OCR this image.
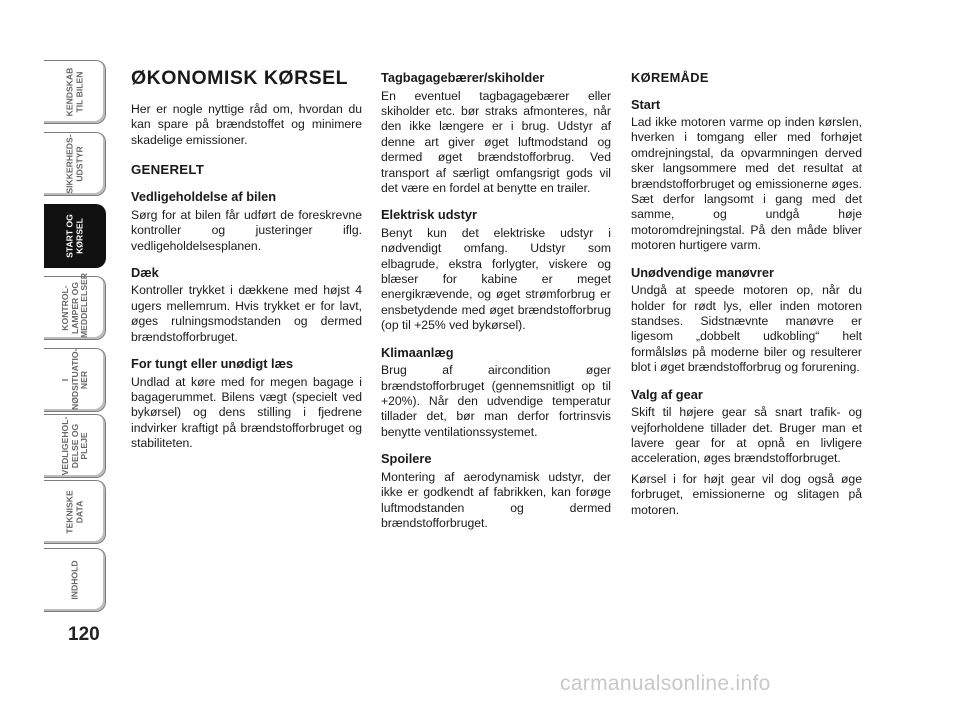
KENDSKAB
TIL BILEN
SIKKERHEDS-
UDSTYR
START OG
KØRSEL
KONTROL-
LAMPER OG
MEDDELELSER
I
NØDSITUATIO-
NER
VEDLIGEHOL-
DELSE OG PLEJE
TEKNISKE
DATA
INDHOLD
120
ØKONOMISK KØRSEL

Her er nogle nyttige råd om, hvordan du kan spare på brændstoffet og minimere skadelige emissioner.

GENERELT
Vedligeholdelse af bilen

Sørg for at bilen får udført de foreskrevne kontroller og justeringer iflg. vedligeholdelsesplanen.

Dæk

Kontroller trykket i dækkene med højst 4 ugers mellemrum. Hvis trykket er for lavt, øges rulningsmodstanden og dermed brændstofforbruget.

For tungt eller unødigt læs

Undlad at køre med for megen bagage i bagagerummet. Bilens vægt (specielt ved bykørsel) og dens stilling i fjedrene indvirker kraftigt på brændstofforbruget og stabiliteten.

Tagbagagebærer/skiholder

En eventuel tagbagagebærer eller skiholder etc. bør straks afmonteres, når den ikke længere er i brug. Udstyr af denne art giver øget luftmodstand og dermed øget brændstofforbrug. Ved transport af særligt omfangsrigt gods vil det være en fordel at benytte en trailer.

Elektrisk udstyr

Benyt kun det elektriske udstyr i nødvendigt omfang. Udstyr som elbagrude, ekstra forlygter, viskere og blæser for kabine er meget energikrævende, og øget strømforbrug er ensbetydende med øget brændstofforbrug (op til +25% ved bykørsel).

Klimaanlæg

Brug af aircondition øger brændstofforbruget (gennemsnitligt op til +20%). Når den udvendige temperatur tillader det, bør man derfor fortrinsvis benytte ventilationssystemet.

Spoilere

Montering af aerodynamisk udstyr, der ikke er godkendt af fabrikken, kan forøge luftmodstanden og dermed brændstofforbruget.

KØREMÅDE
Start

Lad ikke motoren varme op inden kørslen, hverken i tomgang eller med forhøjet omdrejningstal, da opvarmningen derved sker langsommere med det resultat at brændstofforbruget og emissionerne øges. Sæt derfor langsomt i gang med det samme, og undgå høje motoromdrejningstal. På den måde bliver motoren hurtigere varm.

Unødvendige manøvrer

Undgå at speede motoren op, når du holder for rødt lys, eller inden motoren standses. Sidstnævnte manøvre er ligesom „dobbelt udkobling“ helt formålsløs på moderne biler og resulterer blot i øget brændstofforbrug og forurening.

Valg af gear

Skift til højere gear så snart trafik- og vejforholdene tillader det. Bruger man et lavere gear for at opnå en livligere acceleration, øges brændstofforbruget.

Kørsel i for højt gear vil dog også øge forbruget, emissionerne og slitagen på motoren.

carmanualsonline.info
